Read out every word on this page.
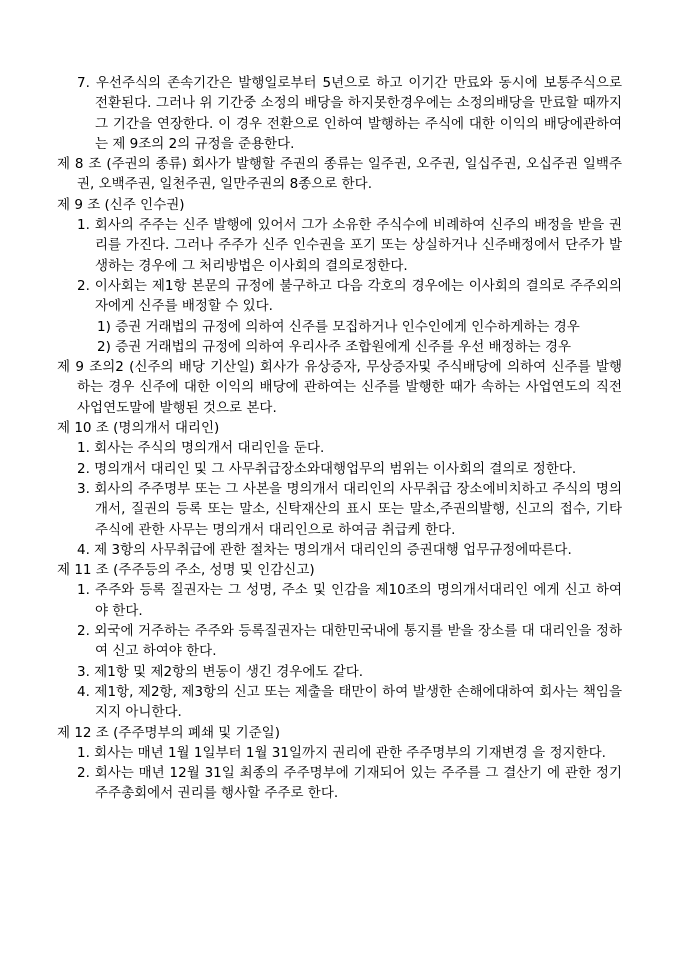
7. 우선주식의 존속기간은 발행일로부터 5년으로 하고 이기간 만료와 동시에 보통주식으로 전환된다. 그러나 위 기간중 소정의 배당을 하지못한경우에는 소정의배당을 만료할 때까지 그 기간을 연장한다. 이 경우 전환으로 인하여 발행하는 주식에 대한 이익의 배당에관하여는 제 9조의 2의 규정을 준용한다.

제 8 조 (주권의 종류) 회사가 발행할 주권의 종류는 일주권, 오주권, 일십주권, 오십주권 일백주권, 오백주권, 일천주권, 일만주권의 8종으로 한다.

제 9 조 (신주 인수권)

1. 회사의 주주는 신주 발행에 있어서 그가 소유한 주식수에 비례하여 신주의 배정을 받을 권리를 가진다. 그러나 주주가 신주 인수권을 포기 또는 상실하거나 신주배정에서 단주가 발생하는 경우에 그 처리방법은 이사회의 결의로정한다.

2. 이사회는 제1항 본문의 규정에 불구하고 다음 각호의 경우에는 이사회의 결의로 주주외의 자에게 신주를 배정할 수 있다.

1) 증권 거래법의 규정에 의하여 신주를 모집하거나 인수인에게 인수하게하는 경우

2) 증권 거래법의 규정에 의하여 우리사주 조합원에게 신주를 우선 배정하는 경우

제 9 조의2 (신주의 배당 기산일) 회사가 유상증자, 무상증자및 주식배당에 의하여 신주를 발행하는 경우 신주에 대한 이익의 배당에 관하여는 신주를 발행한 때가 속하는 사업연도의 직전 사업연도말에 발행된 것으로 본다.

제 10 조 (명의개서 대리인)

1. 회사는 주식의 명의개서 대리인을 둔다.

2. 명의개서 대리인 및 그 사무취급장소와대행업무의 범위는 이사회의 결의로 정한다.

3. 회사의 주주명부 또는 그 사본을 명의개서 대리인의 사무취급 장소에비치하고 주식의 명의개서, 질권의 등록 또는 말소, 신탁재산의 표시 또는 말소,주권의발행, 신고의 접수, 기타 주식에 관한 사무는 명의개서 대리인으로 하여금 취급케 한다.

4. 제 3항의 사무취급에 관한 절차는 명의개서 대리인의 증권대행 업무규정에따른다.

제 11 조 (주주등의 주소, 성명 및 인감신고)

1. 주주와 등록 질권자는 그 성명, 주소 및 인감을 제10조의 명의개서대리인 에게 신고 하여야 한다.

2. 외국에 거주하는 주주와 등록질권자는 대한민국내에 통지를 받을 장소를 대 대리인을 정하여 신고 하여야 한다.

3. 제1항 및 제2항의 변동이 생긴 경우에도 같다.

4. 제1항, 제2항, 제3항의 신고 또는 제출을 태만이 하여 발생한 손해에대하여 회사는 책임을 지지 아니한다.

제 12 조 (주주명부의 폐쇄 및 기준일)

1. 회사는 매년 1월 1일부터 1월 31일까지 권리에 관한 주주명부의 기재변경 을 정지한다.

2. 회사는 매년 12월 31일 최종의 주주명부에 기재되어 있는 주주를 그 결산기 에 관한 정기주주총회에서 권리를 행사할 주주로 한다.
